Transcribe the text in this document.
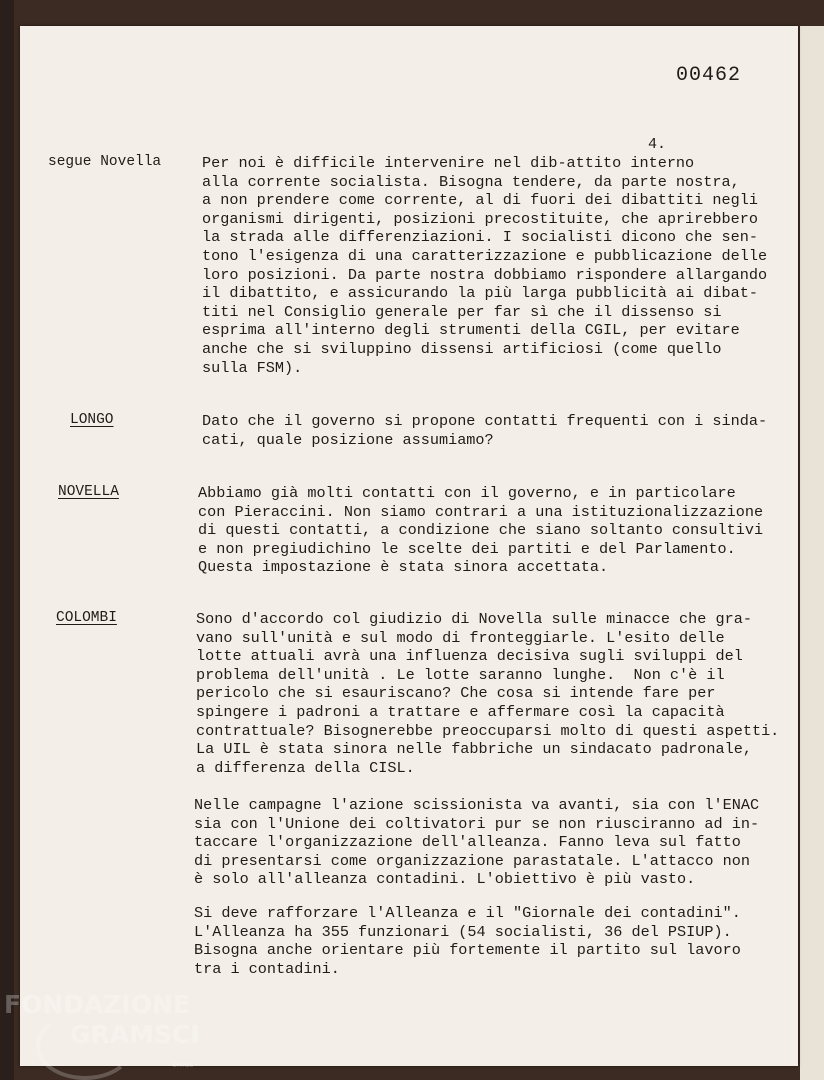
00462
4.
segue Novella	Per noi è difficile intervenire nel dib-attito interno

alla corrente socialista. Bisogna tendere, da parte nostra,

a non prendere come corrente, al di fuori dei dibattiti negli

organismi dirigenti, posizioni precostituite, che aprirebbero

la strada alle differenziazioni. I socialisti dicono che sen-

tono l'esigenza di una caratterizzazione e pubblicazione delle

loro posizioni. Da parte nostra dobbiamo rispondere allargando

il dibattito, e assicurando la più larga pubblicità ai dibat-

titi nel Consiglio generale per far sì che il dissenso si

esprima all'interno degli strumenti della CGIL, per evitare

anche che si sviluppino dissensi artificiosi (come quello

sulla FSM).

LONGO	Dato che il governo si propone contatti frequenti con i sinda-

cati, quale posizione assumiamo?

NOVELLA	Abbiamo già molti contatti con il governo, e in particolare

con Pieraccini. Non siamo contrari a una istituzionalizzazione

di questi contatti, a condizione che siano soltanto consultivi

e non pregiudichino le scelte dei partiti e del Parlamento.

Questa impostazione è stata sinora accettata.

COLOMBI	Sono d'accordo col giudizio di Novella sulle minacce che gra-

vano sull'unità e sul modo di fronteggiarle. L'esito delle

lotte attuali avrà una influenza decisiva sugli sviluppi del

problema dell'unità . Le lotte saranno lunghe.  Non c'è il

pericolo che si esauriscano? Che cosa si intende fare per

spingere i padroni a trattare e affermare così la capacità

contrattuale? Bisognerebbe preoccuparsi molto di questi aspetti.

La UIL è stata sinora nelle fabbriche un sindacato padronale,

a differenza della CISL.

Nelle campagne l'azione scissionista va avanti, sia con l'ENAC

sia con l'Unione dei coltivatori pur se non riusciranno ad in-

taccare l'organizzazione dell'alleanza. Fanno leva sul fatto

di presentarsi come organizzazione parastatale. L'attacco non

è solo all'alleanza contadini. L'obiettivo è più vasto.

Si deve rafforzare l'Alleanza e il "Giornale dei contadini".

L'Alleanza ha 355 funzionari (54 socialisti, 36 del PSIUP).

Bisogna anche orientare più fortemente il partito sul lavoro

tra i contadini.

FONDAZIONE
GRAMSCI
onlus
